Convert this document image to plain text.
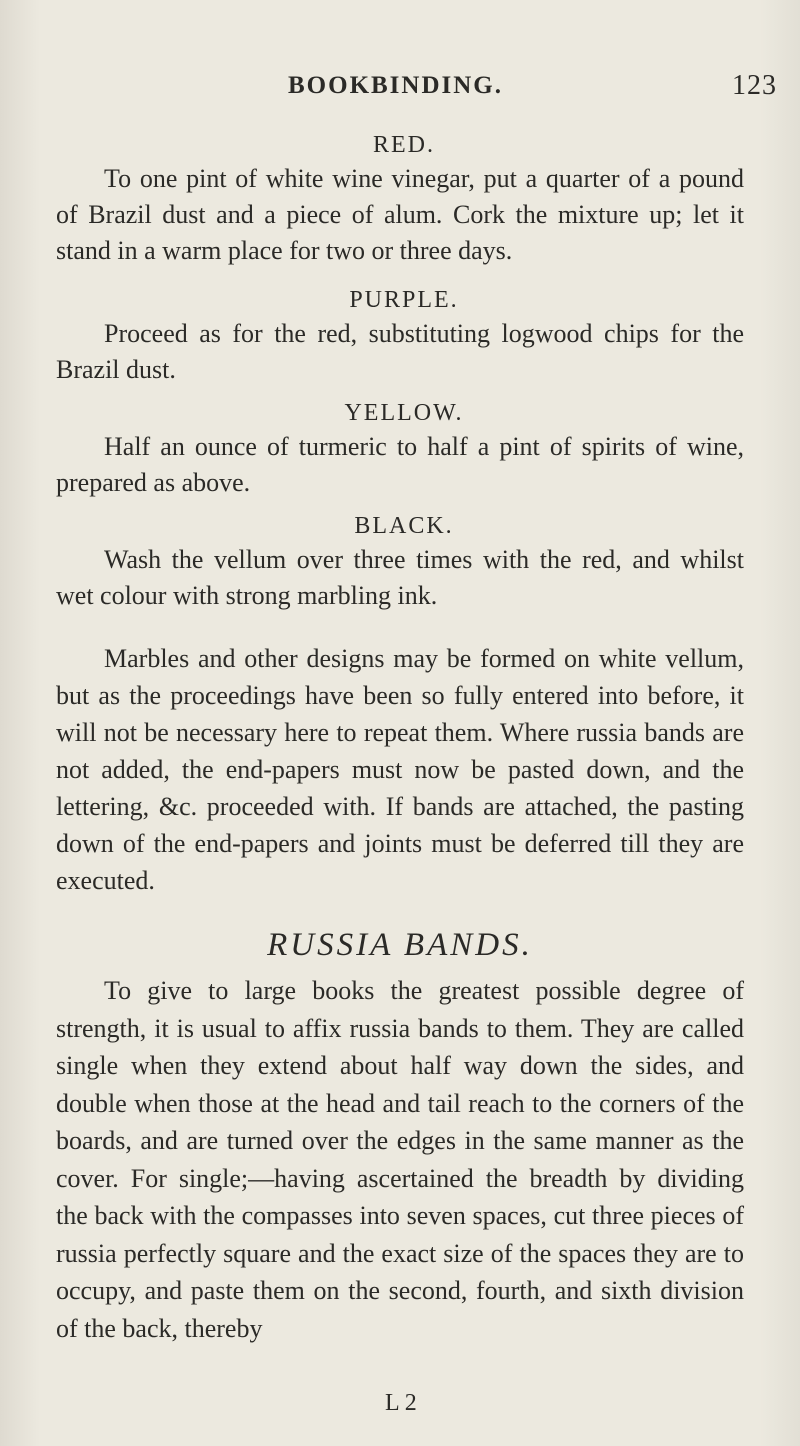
BOOKBINDING.	123
RED.

To one pint of white wine vinegar, put a quarter of a pound of Brazil dust and a piece of alum. Cork the mixture up; let it stand in a warm place for two or three days.

PURPLE.

Proceed as for the red, substituting logwood chips for the Brazil dust.

YELLOW.

Half an ounce of turmeric to half a pint of spirits of wine, prepared as above.

BLACK.

Wash the vellum over three times with the red, and whilst wet colour with strong marbling ink.

Marbles and other designs may be formed on white vellum, but as the proceedings have been so fully entered into before, it will not be necessary here to repeat them. Where russia bands are not added, the end-papers must now be pasted down, and the lettering, &c. proceeded with. If bands are attached, the pasting down of the end-papers and joints must be deferred till they are executed.

RUSSIA BANDS.

To give to large books the greatest possible degree of strength, it is usual to affix russia bands to them. They are called single when they extend about half way down the sides, and double when those at the head and tail reach to the corners of the boards, and are turned over the edges in the same manner as the cover. For single;—having ascertained the breadth by dividing the back with the compasses into seven spaces, cut three pieces of russia perfectly square and the exact size of the spaces they are to occupy, and paste them on the second, fourth, and sixth division of the back, thereby

L 2
